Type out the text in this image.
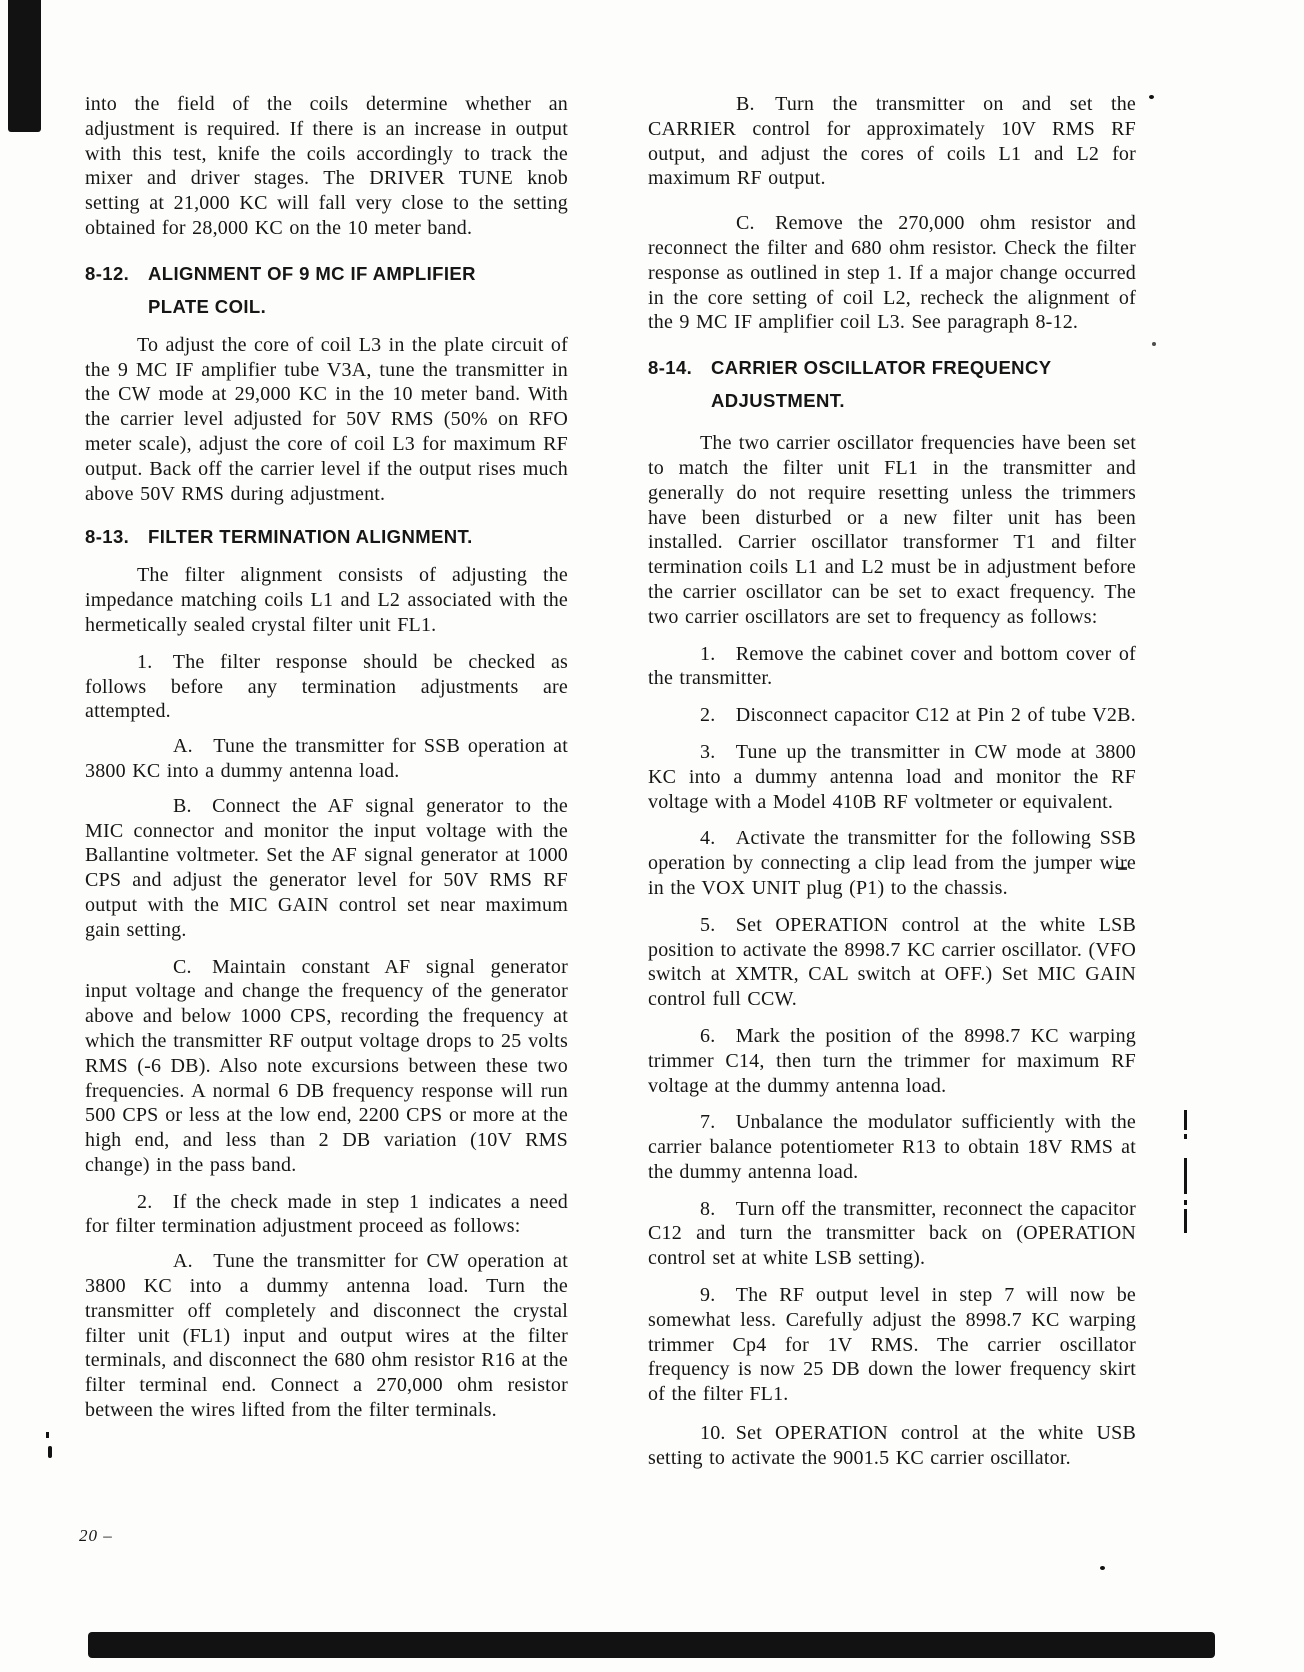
into the field of the coils determine whether an adjustment is required. If there is an increase in output with this test, knife the coils accordingly to track the mixer and driver stages. The DRIVER TUNE knob setting at 21,000 KC will fall very close to the setting obtained for 28,000 KC on the 10 meter band.

8-12. ALIGNMENT OF 9 MC IF AMPLIFIER
PLATE COIL.

To adjust the core of coil L3 in the plate circuit of the 9 MC IF amplifier tube V3A, tune the transmitter in the CW mode at 29,000 KC in the 10 meter band. With the carrier level adjusted for 50V RMS (50% on RFO meter scale), adjust the core of coil L3 for maximum RF output. Back off the carrier level if the output rises much above 50V RMS during adjustment.

8-13. FILTER TERMINATION ALIGNMENT.

The filter alignment consists of adjusting the impedance matching coils L1 and L2 associated with the hermetically sealed crystal filter unit FL1.

1.  The filter response should be checked as follows before any termination adjustments are attempted.

A.  Tune the transmitter for SSB operation at 3800 KC into a dummy antenna load.

B.  Connect the AF signal generator to the MIC connector and monitor the input voltage with the Ballantine voltmeter. Set the AF signal generator at 1000 CPS and adjust the generator level for 50V RMS RF output with the MIC GAIN control set near maximum gain setting.

C.  Maintain constant AF signal generator input voltage and change the frequency of the generator above and below 1000 CPS, recording the frequency at which the transmitter RF output voltage drops to 25 volts RMS (-6 DB). Also note excursions between these two frequencies. A normal 6 DB frequency response will run 500 CPS or less at the low end, 2200 CPS or more at the high end, and less than 2 DB variation (10V RMS change) in the pass band.

2.  If the check made in step 1 indicates a need for filter termination adjustment proceed as follows:

A.  Tune the transmitter for CW operation at 3800 KC into a dummy antenna load. Turn the transmitter off completely and disconnect the crystal filter unit (FL1) input and output wires at the filter terminals, and disconnect the 680 ohm resistor R16 at the filter terminal end. Connect a 270,000 ohm resistor between the wires lifted from the filter terminals.

B.  Turn the transmitter on and set the CARRIER control for approximately 10V RMS RF output, and adjust the cores of coils L1 and L2 for maximum RF output.

C.  Remove the 270,000 ohm resistor and reconnect the filter and 680 ohm resistor. Check the filter response as outlined in step 1. If a major change occurred in the core setting of coil L2, recheck the alignment of the 9 MC IF amplifier coil L3. See paragraph 8-12.

8-14. CARRIER OSCILLATOR FREQUENCY
ADJUSTMENT.

The two carrier oscillator frequencies have been set to match the filter unit FL1 in the transmitter and generally do not require resetting unless the trimmers have been disturbed or a new filter unit has been installed. Carrier oscillator transformer T1 and filter termination coils L1 and L2 must be in adjustment before the carrier oscillator can be set to exact frequency. The two carrier oscillators are set to frequency as follows:

1.  Remove the cabinet cover and bottom cover of the transmitter.

2.  Disconnect capacitor C12 at Pin 2 of tube V2B.

3.  Tune up the transmitter in CW mode at 3800 KC into a dummy antenna load and monitor the RF voltage with a Model 410B RF voltmeter or equivalent.

4.  Activate the transmitter for the following SSB operation by connecting a clip lead from the jumper wire in the VOX UNIT plug (P1) to the chassis.

5.  Set OPERATION control at the white LSB position to activate the 8998.7 KC carrier oscillator. (VFO switch at XMTR, CAL switch at OFF.) Set MIC GAIN control full CCW.

6.  Mark the position of the 8998.7 KC warping trimmer C14, then turn the trimmer for maximum RF voltage at the dummy antenna load.

7.  Unbalance the modulator sufficiently with the carrier balance potentiometer R13 to obtain 18V RMS at the dummy antenna load.

8.  Turn off the transmitter, reconnect the capacitor C12 and turn the transmitter back on (OPERATION control set at white LSB setting).

9.  The RF output level in step 7 will now be somewhat less. Carefully adjust the 8998.7 KC warping trimmer Cp4 for 1V RMS. The carrier oscillator frequency is now 25 DB down the lower frequency skirt of the filter FL1.

10. Set OPERATION control at the white USB setting to activate the 9001.5 KC carrier oscillator.

20 –
